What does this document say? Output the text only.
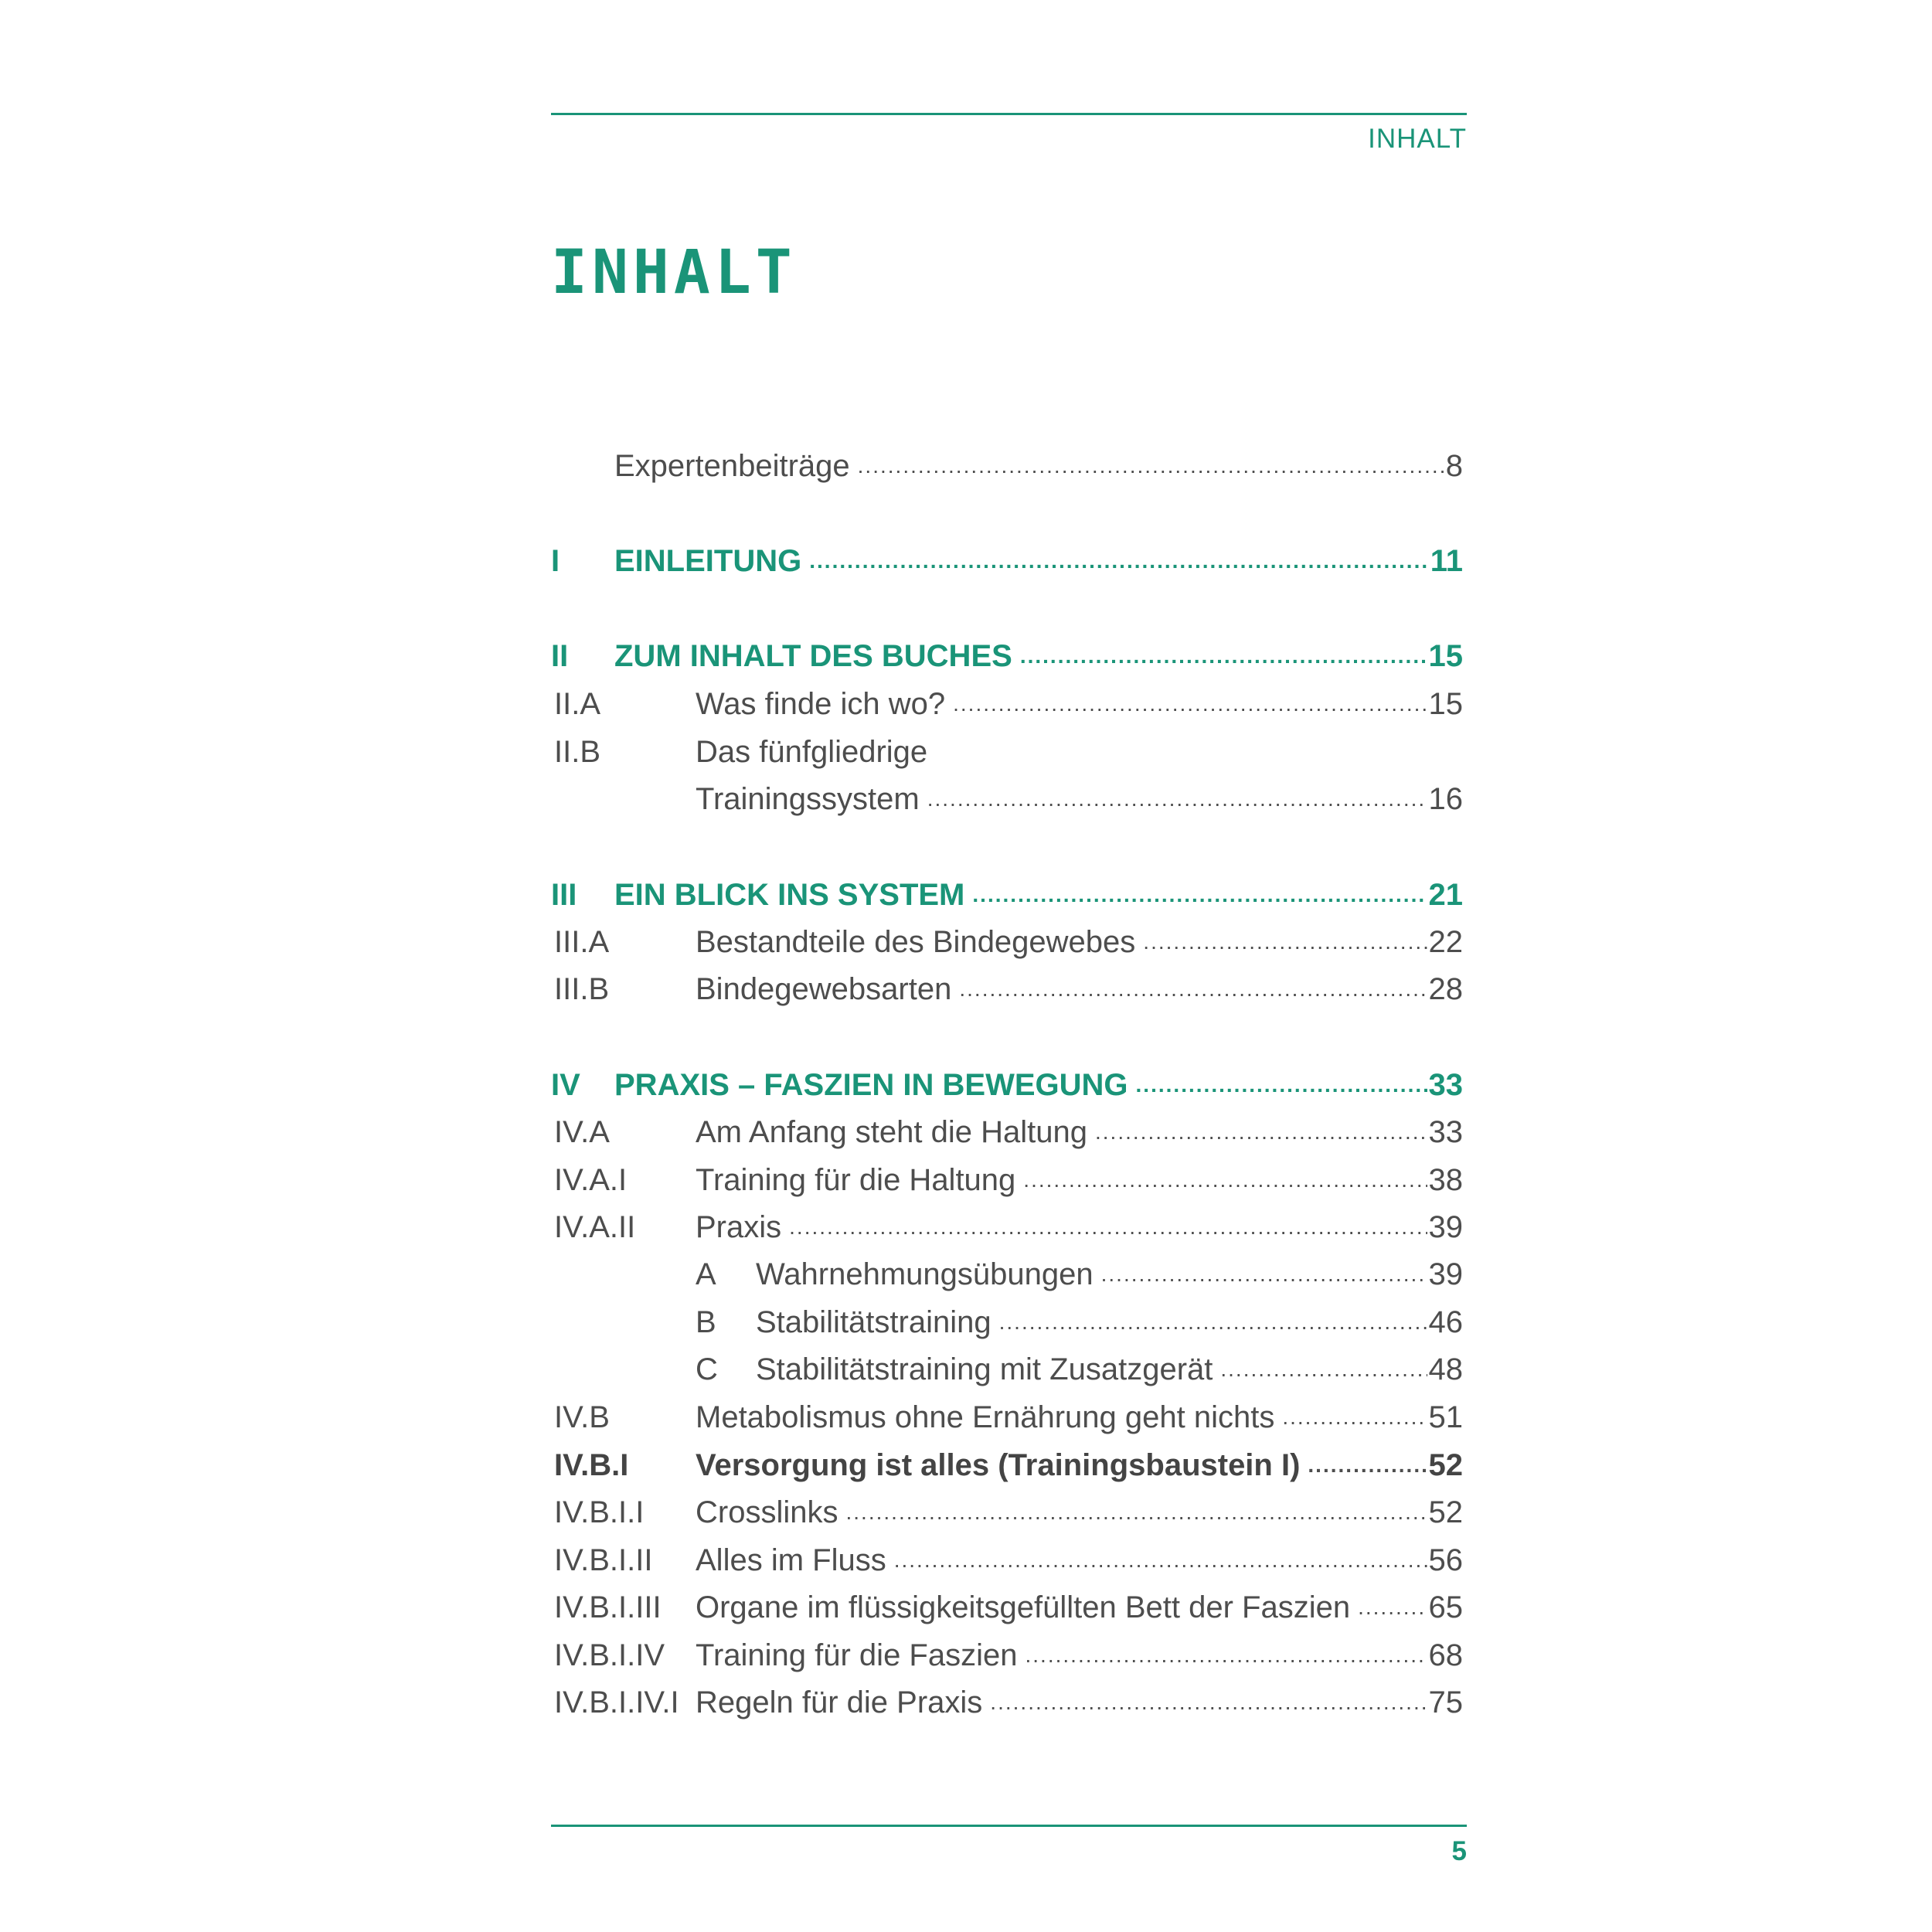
INHALT
INHALT
Expertenbeiträge .....	8
I EINLEITUNG .....	11
II ZUM INHALT DES BUCHES .....	15
II.A	Was finde ich wo? .....	15
II.B	Das fünfgliedrige
Trainingssystem .....	16
III EIN BLICK INS SYSTEM .....	21
III.A	Bestandteile des Bindegewebes .....	22
III.B	Bindegewebsarten .....	28
IV PRAXIS – FASZIEN IN BEWEGUNG .....	33
IV.A	Am Anfang steht die Haltung .....	33
IV.A.I Training für die Haltung .....	38
IV.A.II Praxis .....	39
A Wahrnehmungsübungen .....	39
B Stabilitätstraining .....	46
C Stabilitätstraining mit Zusatzgerät .....	48
IV.B	Metabolismus ohne Ernährung geht nichts .....	51
IV.B.I Versorgung ist alles (Trainingsbaustein I) .....	52
IV.B.I.I Crosslinks .....	52
IV.B.I.II Alles im Fluss .....	56
IV.B.I.III Organe im flüssigkeitsgefüllten Bett der Faszien .....	65
IV.B.I.IV Training für die Faszien .....	68
IV.B.I.IV.I Regeln für die Praxis .....	75
5
